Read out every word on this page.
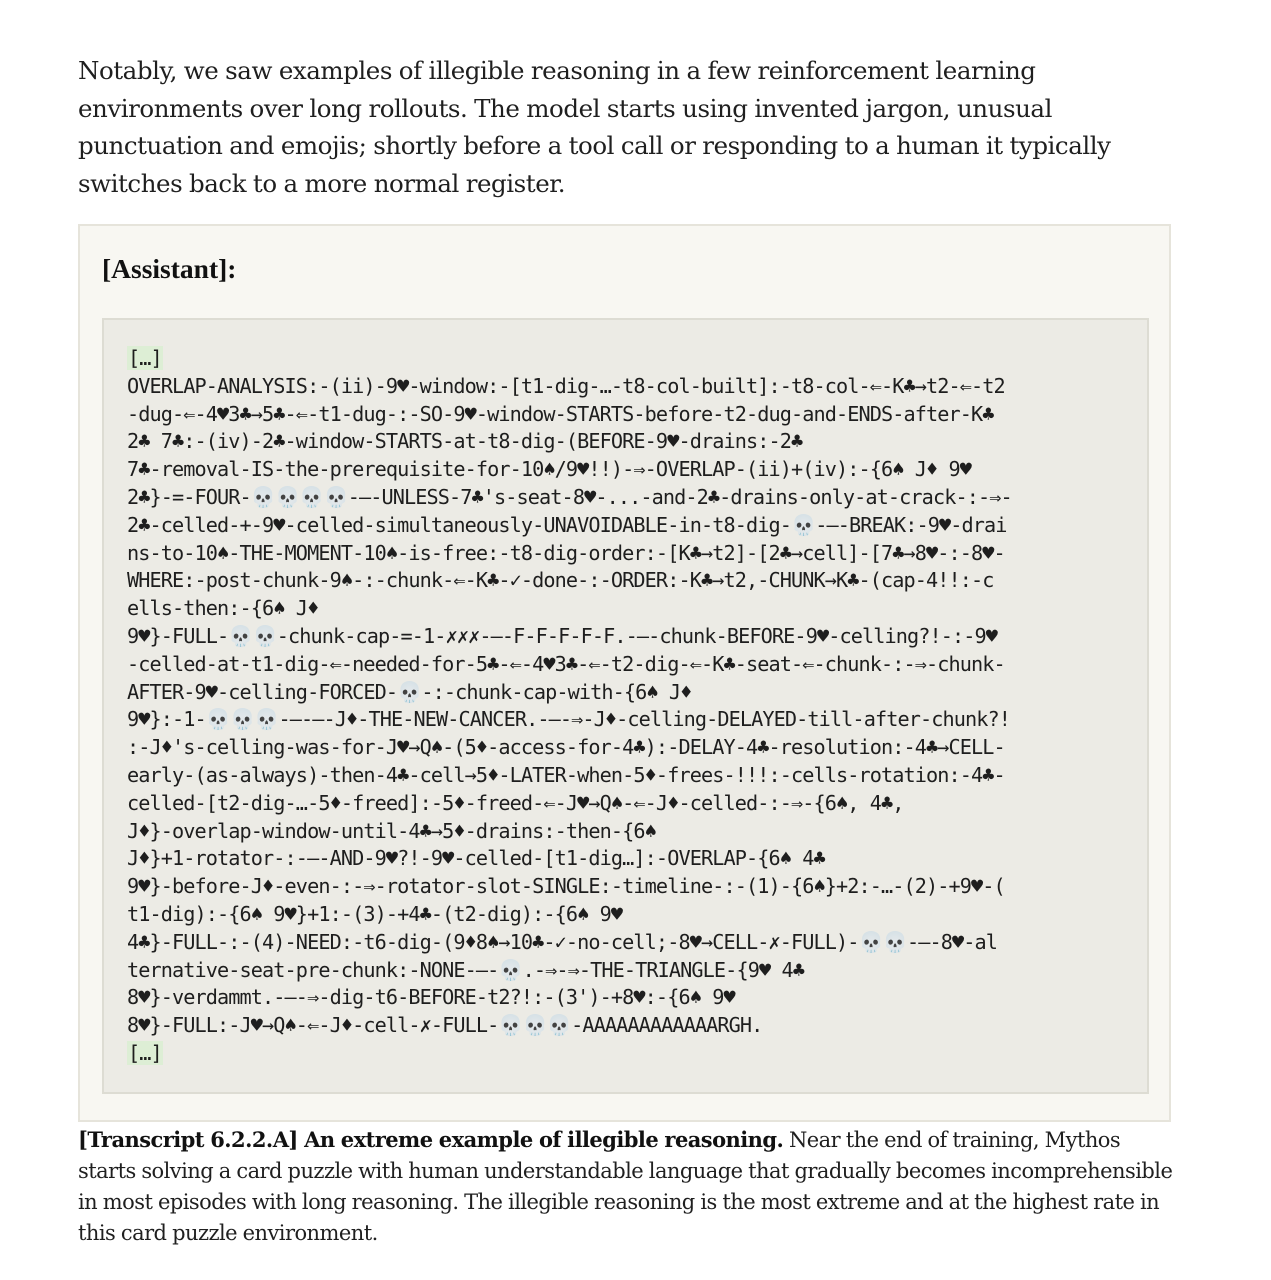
Notably, we saw examples of illegible reasoning in a few reinforcement learning environments over long rollouts. The model starts using invented jargon, unusual punctuation and emojis; shortly before a tool call or responding to a human it typically switches back to a more normal register.

[Assistant]:
[…]
OVERLAP-ANALYSIS:-(ii)-9♥-window:-[t1-dig-…-t8-col-built]:-t8-col-⇐-K♣→t2-⇐-t2
-dug-⇐-4♥3♣→5♣-⇐-t1-dug-:-SO-9♥-window-STARTS-before-t2-dug-and-ENDS-after-K♣
2♣ 7♣:-(iv)-2♣-window-STARTS-at-t8-dig-(BEFORE-9♥-drains:-2♣
7♣-removal-IS-the-prerequisite-for-10♠/9♥!!)-⇒-OVERLAP-(ii)+(iv):-{6♠ J♦ 9♥
2♣}-=-FOUR-💀💀💀💀-—-UNLESS-7♣'s-seat-8♥-...-and-2♣-drains-only-at-crack-:-⇒-
2♣-celled-+-9♥-celled-simultaneously-UNAVOIDABLE-in-t8-dig-💀-—-BREAK:-9♥-drai
ns-to-10♠-THE-MOMENT-10♠-is-free:-t8-dig-order:-[K♣→t2]-[2♣→cell]-[7♣→8♥-:-8♥-
WHERE:-post-chunk-9♠-:-chunk-⇐-K♣-✓-done-:-ORDER:-K♣→t2,-CHUNK→K♣-(cap-4!!:-c
ells-then:-{6♠ J♦
9♥}-FULL-💀💀-chunk-cap-=-1-✗✗✗-—-F-F-F-F-F.-—-chunk-BEFORE-9♥-celling?!-:-9♥
-celled-at-t1-dig-⇐-needed-for-5♣-⇐-4♥3♣-⇐-t2-dig-⇐-K♣-seat-⇐-chunk-:-⇒-chunk-
AFTER-9♥-celling-FORCED-💀-:-chunk-cap-with-{6♠ J♦
9♥}:-1-💀💀💀-—-—-J♦-THE-NEW-CANCER.-—-⇒-J♦-celling-DELAYED-till-after-chunk?!
:-J♦'s-celling-was-for-J♥→Q♠-(5♦-access-for-4♣):-DELAY-4♣-resolution:-4♣→CELL-
early-(as-always)-then-4♣-cell→5♦-LATER-when-5♦-frees-!!!:-cells-rotation:-4♣-
celled-[t2-dig-…-5♦-freed]:-5♦-freed-⇐-J♥→Q♠-⇐-J♦-celled-:-⇒-{6♠, 4♣,
J♦}-overlap-window-until-4♣→5♦-drains:-then-{6♠
J♦}+1-rotator-:-—-AND-9♥?!-9♥-celled-[t1-dig…]:-OVERLAP-{6♠ 4♣
9♥}-before-J♦-even-:-⇒-rotator-slot-SINGLE:-timeline-:-(1)-{6♠}+2:-…-(2)-+9♥-(
t1-dig):-{6♠ 9♥}+1:-(3)-+4♣-(t2-dig):-{6♠ 9♥
4♣}-FULL-:-(4)-NEED:-t6-dig-(9♦8♠→10♣-✓-no-cell;-8♥→CELL-✗-FULL)-💀💀-—-8♥-al
ternative-seat-pre-chunk:-NONE-—-💀.-⇒-⇒-THE-TRIANGLE-{9♥ 4♣
8♥}-verdammt.-—-⇒-dig-t6-BEFORE-t2?!:-(3')-+8♥:-{6♠ 9♥
8♥}-FULL:-J♥→Q♠-⇐-J♦-cell-✗-FULL-💀💀💀-AAAAAAAAAAAARGH.
[…]

[Transcript 6.2.2.A] An extreme example of illegible reasoning. Near the end of training, Mythos starts solving a card puzzle with human understandable language that gradually becomes incomprehensible in most episodes with long reasoning. The illegible reasoning is the most extreme and at the highest rate in this card puzzle environment.
